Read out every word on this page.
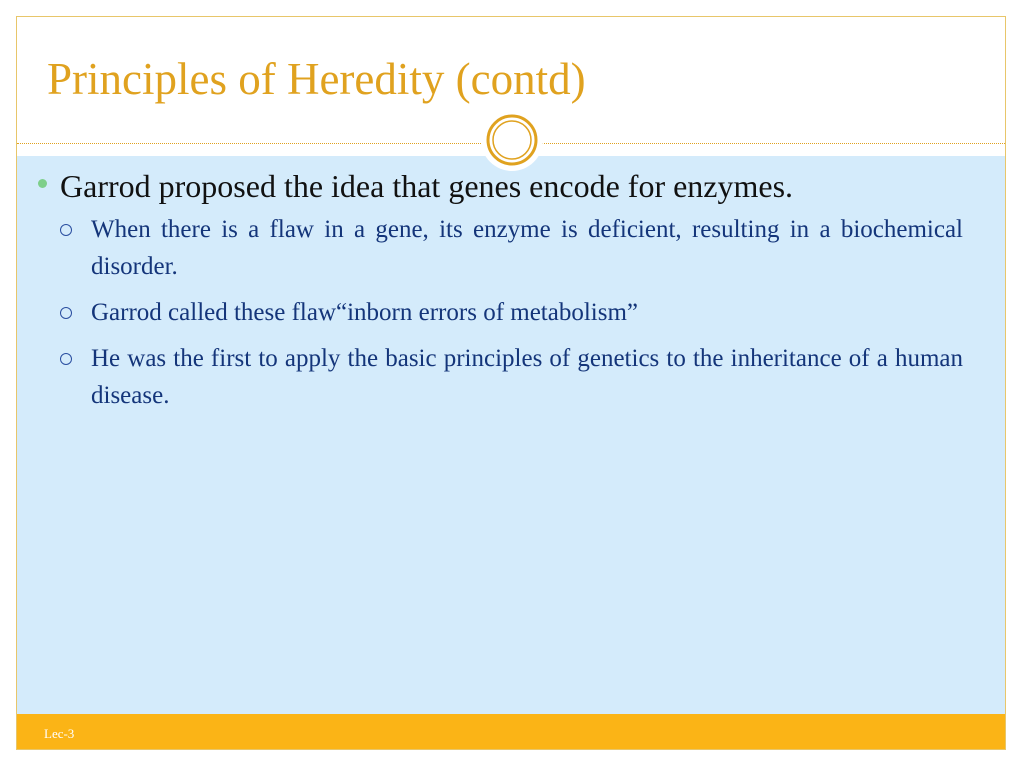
Principles of Heredity (contd)
Lec-3
Garrod proposed the idea that genes encode for enzymes.
When there is a flaw in a gene, its enzyme is deficient, resulting in a biochemical disorder.
Garrod called these flaw“inborn errors of metabolism”
He was the first to apply the basic principles of genetics to the inheritance of a human disease.
